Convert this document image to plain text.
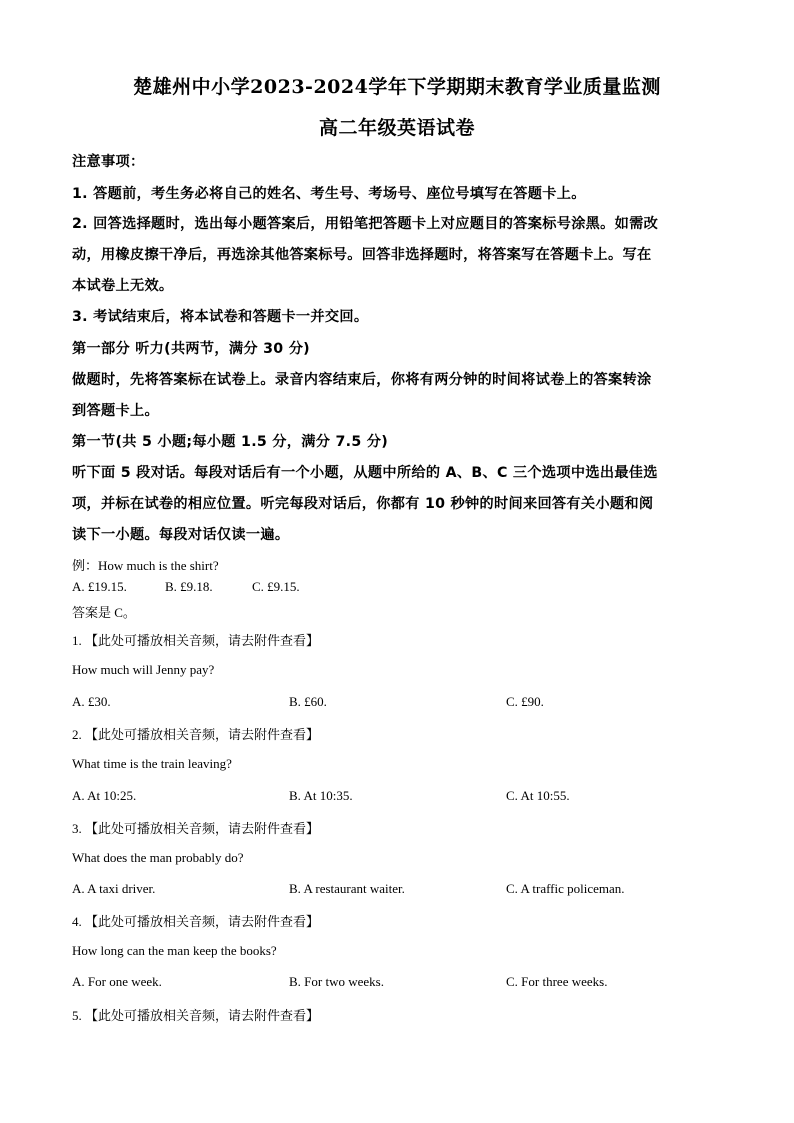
楚雄州中小学2023-2024学年下学期期末教育学业质量监测
高二年级英语试卷
注意事项：
1. 答题前，考生务必将自己的姓名、考生号、考场号、座位号填写在答题卡上。
2. 回答选择题时，选出每小题答案后，用铅笔把答题卡上对应题目的答案标号涂黑。如需改
动，用橡皮擦干净后，再选涂其他答案标号。回答非选择题时，将答案写在答题卡上。写在
本试卷上无效。
3. 考试结束后，将本试卷和答题卡一并交回。
第一部分 听力(共两节，满分 30 分)
做题时，先将答案标在试卷上。录音内容结束后，你将有两分钟的时间将试卷上的答案转涂
到答题卡上。
第一节(共 5 小题;每小题 1.5 分，满分 7.5 分)
听下面 5 段对话。每段对话后有一个小题，从题中所给的 A、B、C 三个选项中选出最佳选
项，并标在试卷的相应位置。听完每段对话后，你都有 10 秒钟的时间来回答有关小题和阅
读下一小题。每段对话仅读一遍。
例：How much is the shirt?
A. £19.15.	B. £9.18.	C. £9.15.
答案是 C。
1. 【此处可播放相关音频，请去附件查看】
How much will Jenny pay?
A. £30.	B. £60.	C. £90.
2. 【此处可播放相关音频，请去附件查看】
What time is the train leaving?
A. At 10:25.	B. At 10:35.	C. At 10:55.
3. 【此处可播放相关音频，请去附件查看】
What does the man probably do?
A. A taxi driver.	B. A restaurant waiter.	C. A traffic policeman.
4. 【此处可播放相关音频，请去附件查看】
How long can the man keep the books?
A. For one week.	B. For two weeks.	C. For three weeks.
5. 【此处可播放相关音频，请去附件查看】
